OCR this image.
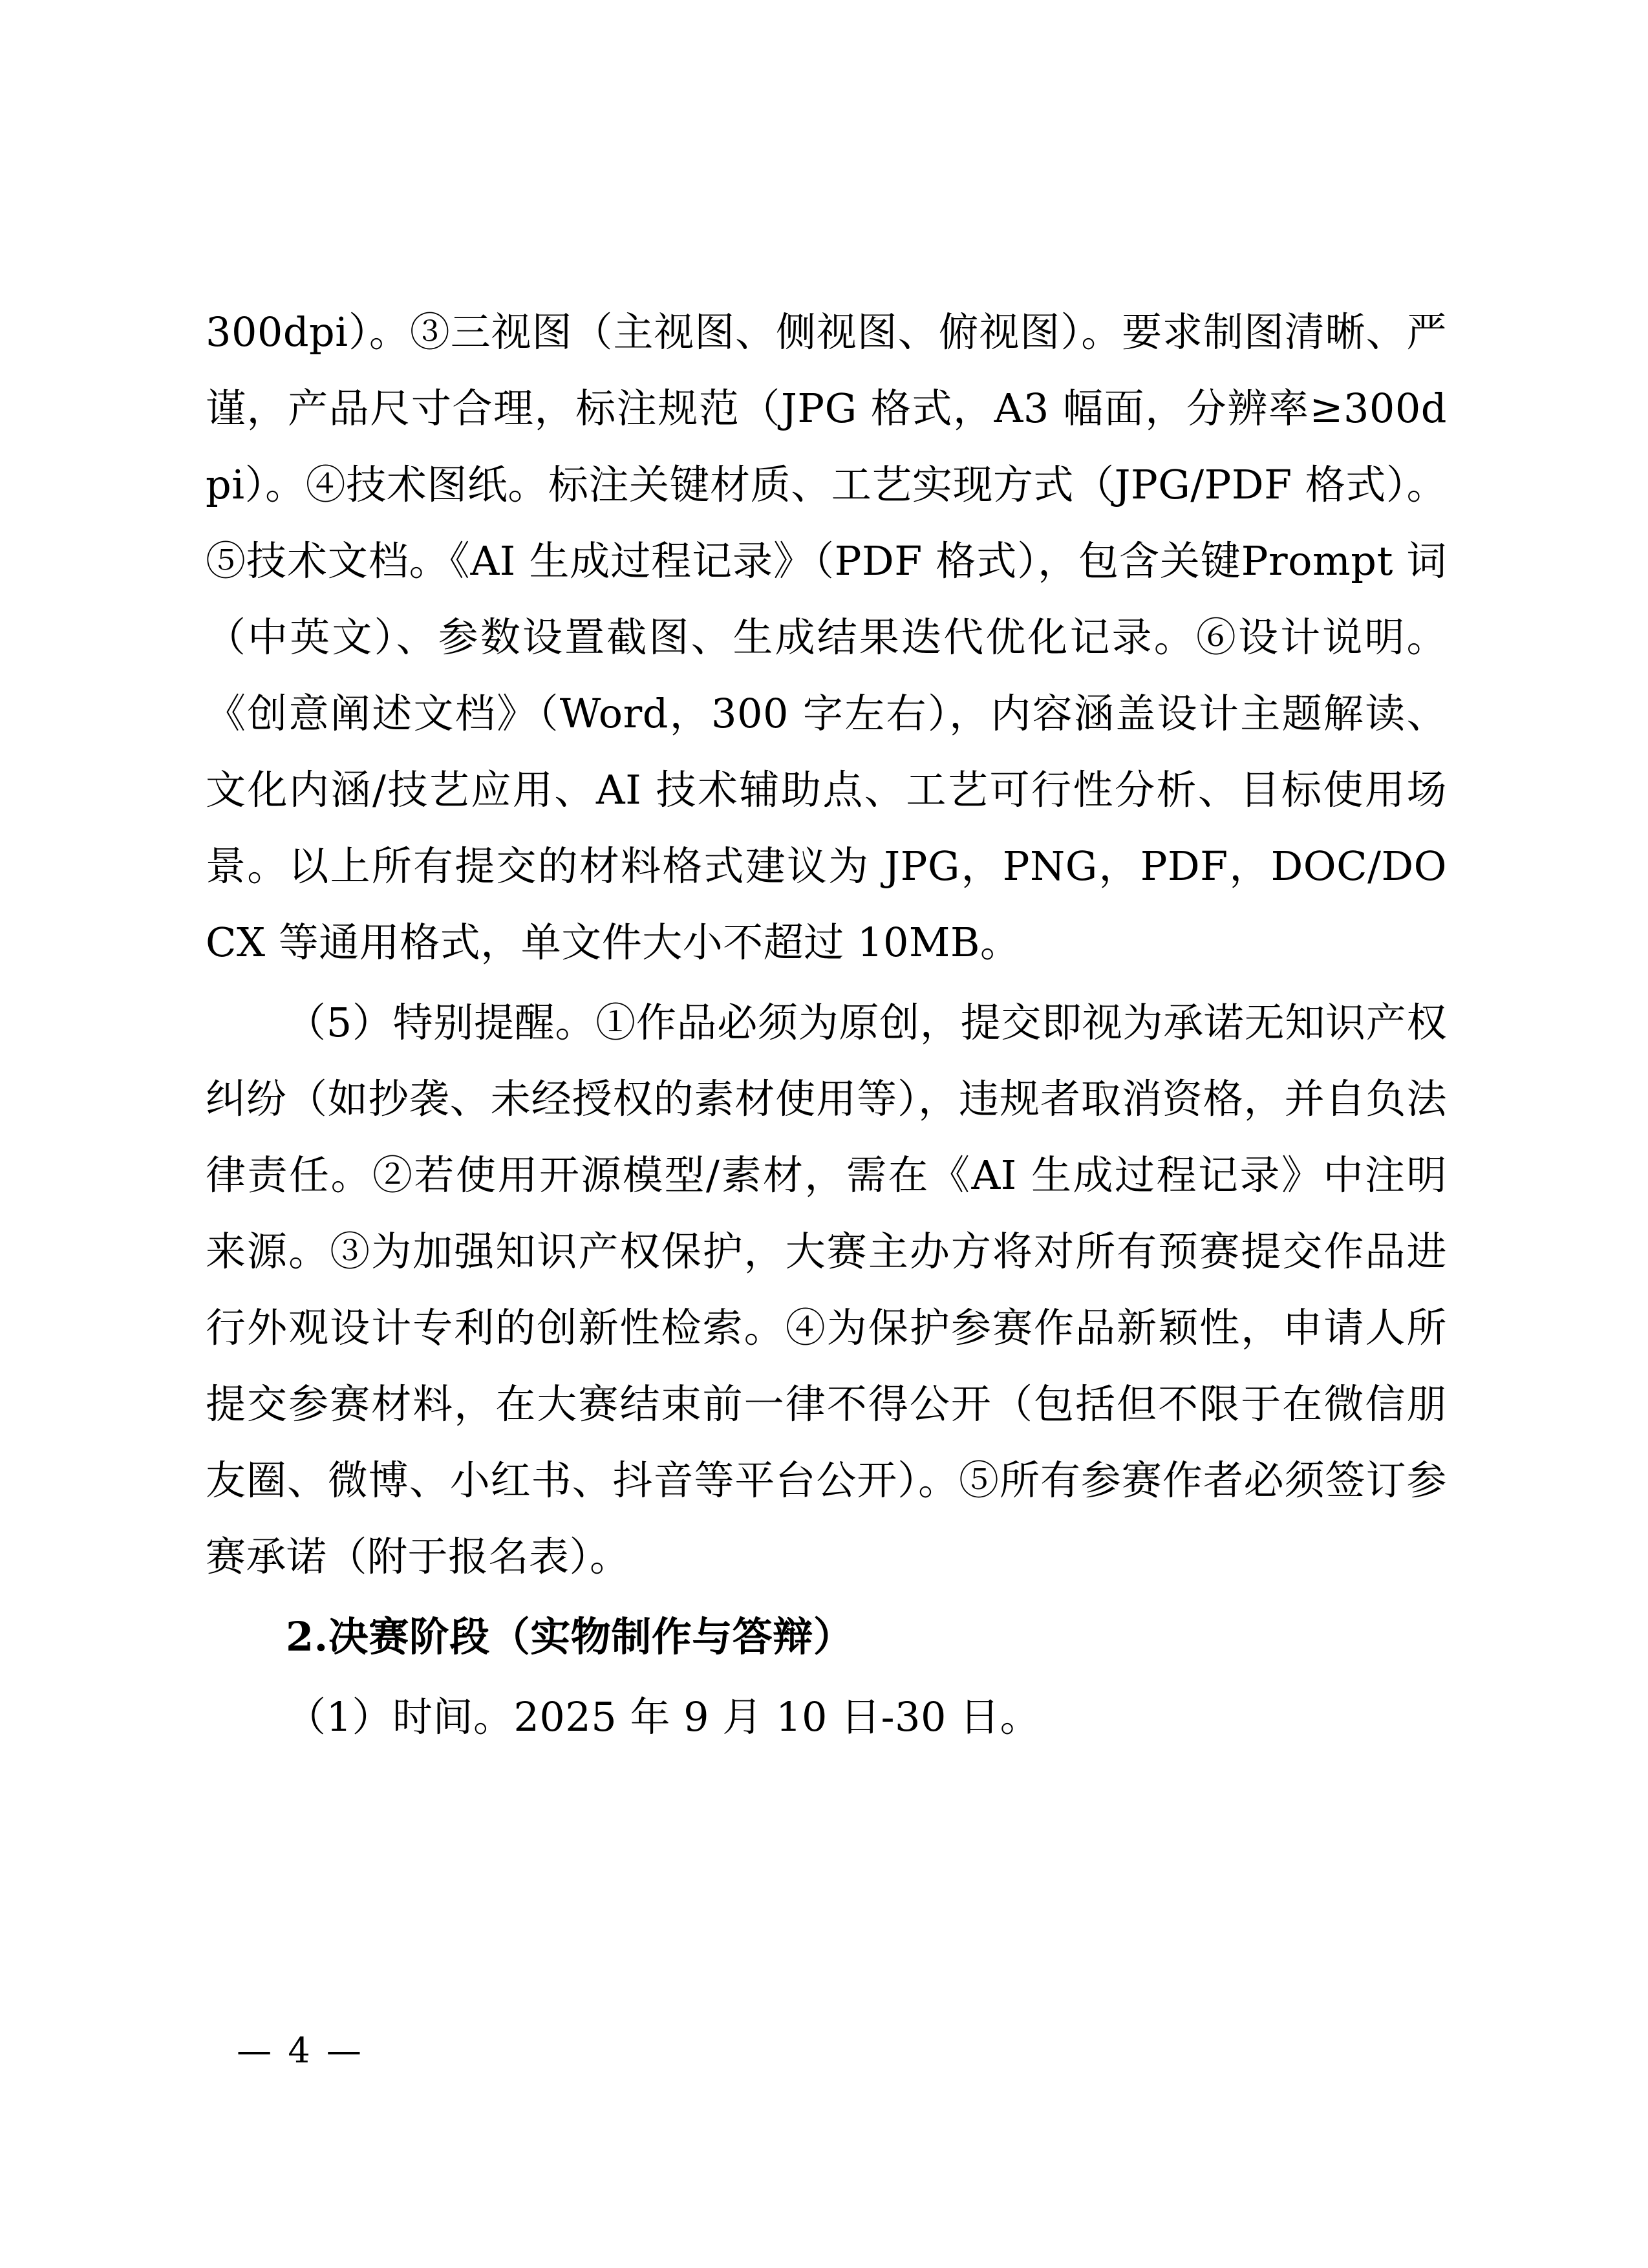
300dpi）。③三视图（主视图、侧视图、俯视图）。要求制图清晰、严谨，产品尺寸合理，标注规范（JPG 格式，A3 幅面，分辨率≥300dpi）。④技术图纸。标注关键材质、工艺实现方式（JPG/PDF 格式）。⑤技术文档。《AI 生成过程记录》（PDF 格式），包含关键Prompt 词（中英文）、参数设置截图、生成结果迭代优化记录。⑥设计说明。《创意阐述文档》（Word，300 字左右），内容涵盖设计主题解读、文化内涵/技艺应用、AI 技术辅助点、工艺可行性分析、目标使用场景。以上所有提交的材料格式建议为 JPG，PNG，PDF，DOC/DOCX 等通用格式，单文件大小不超过 10MB。

（5）特别提醒。①作品必须为原创，提交即视为承诺无知识产权纠纷（如抄袭、未经授权的素材使用等），违规者取消资格，并自负法律责任。②若使用开源模型/素材，需在《AI 生成过程记录》中注明来源。③为加强知识产权保护，大赛主办方将对所有预赛提交作品进行外观设计专利的创新性检索。④为保护参赛作品新颖性，申请人所提交参赛材料，在大赛结束前一律不得公开（包括但不限于在微信朋友圈、微博、小红书、抖音等平台公开）。⑤所有参赛作者必须签订参赛承诺（附于报名表）。

2.决赛阶段（实物制作与答辩）

（1）时间。2025 年 9 月 10 日-30 日。

— 4 —
